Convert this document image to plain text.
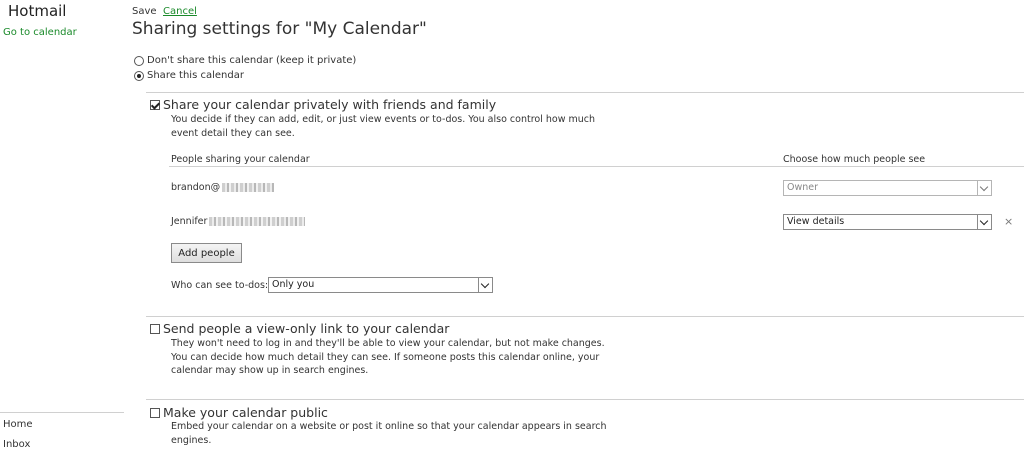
Hotmail
Go to calendar
Home
Inbox
Save Cancel
Sharing settings for "My Calendar"
Don't share this calendar (keep it private)
Share this calendar
Share your calendar privately with friends and family
You decide if they can add, edit, or just view events or to-dos. You also control how much
event detail they can see.
People sharing your calendar	Choose how much people see
brandon@	Owner
Jennifer	View details	×
Add people
Who can see to-dos: Only you
Send people a view-only link to your calendar
They won't need to log in and they'll be able to view your calendar, but not make changes.
You can decide how much detail they can see. If someone posts this calendar online, your
calendar may show up in search engines.
Make your calendar public
Embed your calendar on a website or post it online so that your calendar appears in search
engines.
